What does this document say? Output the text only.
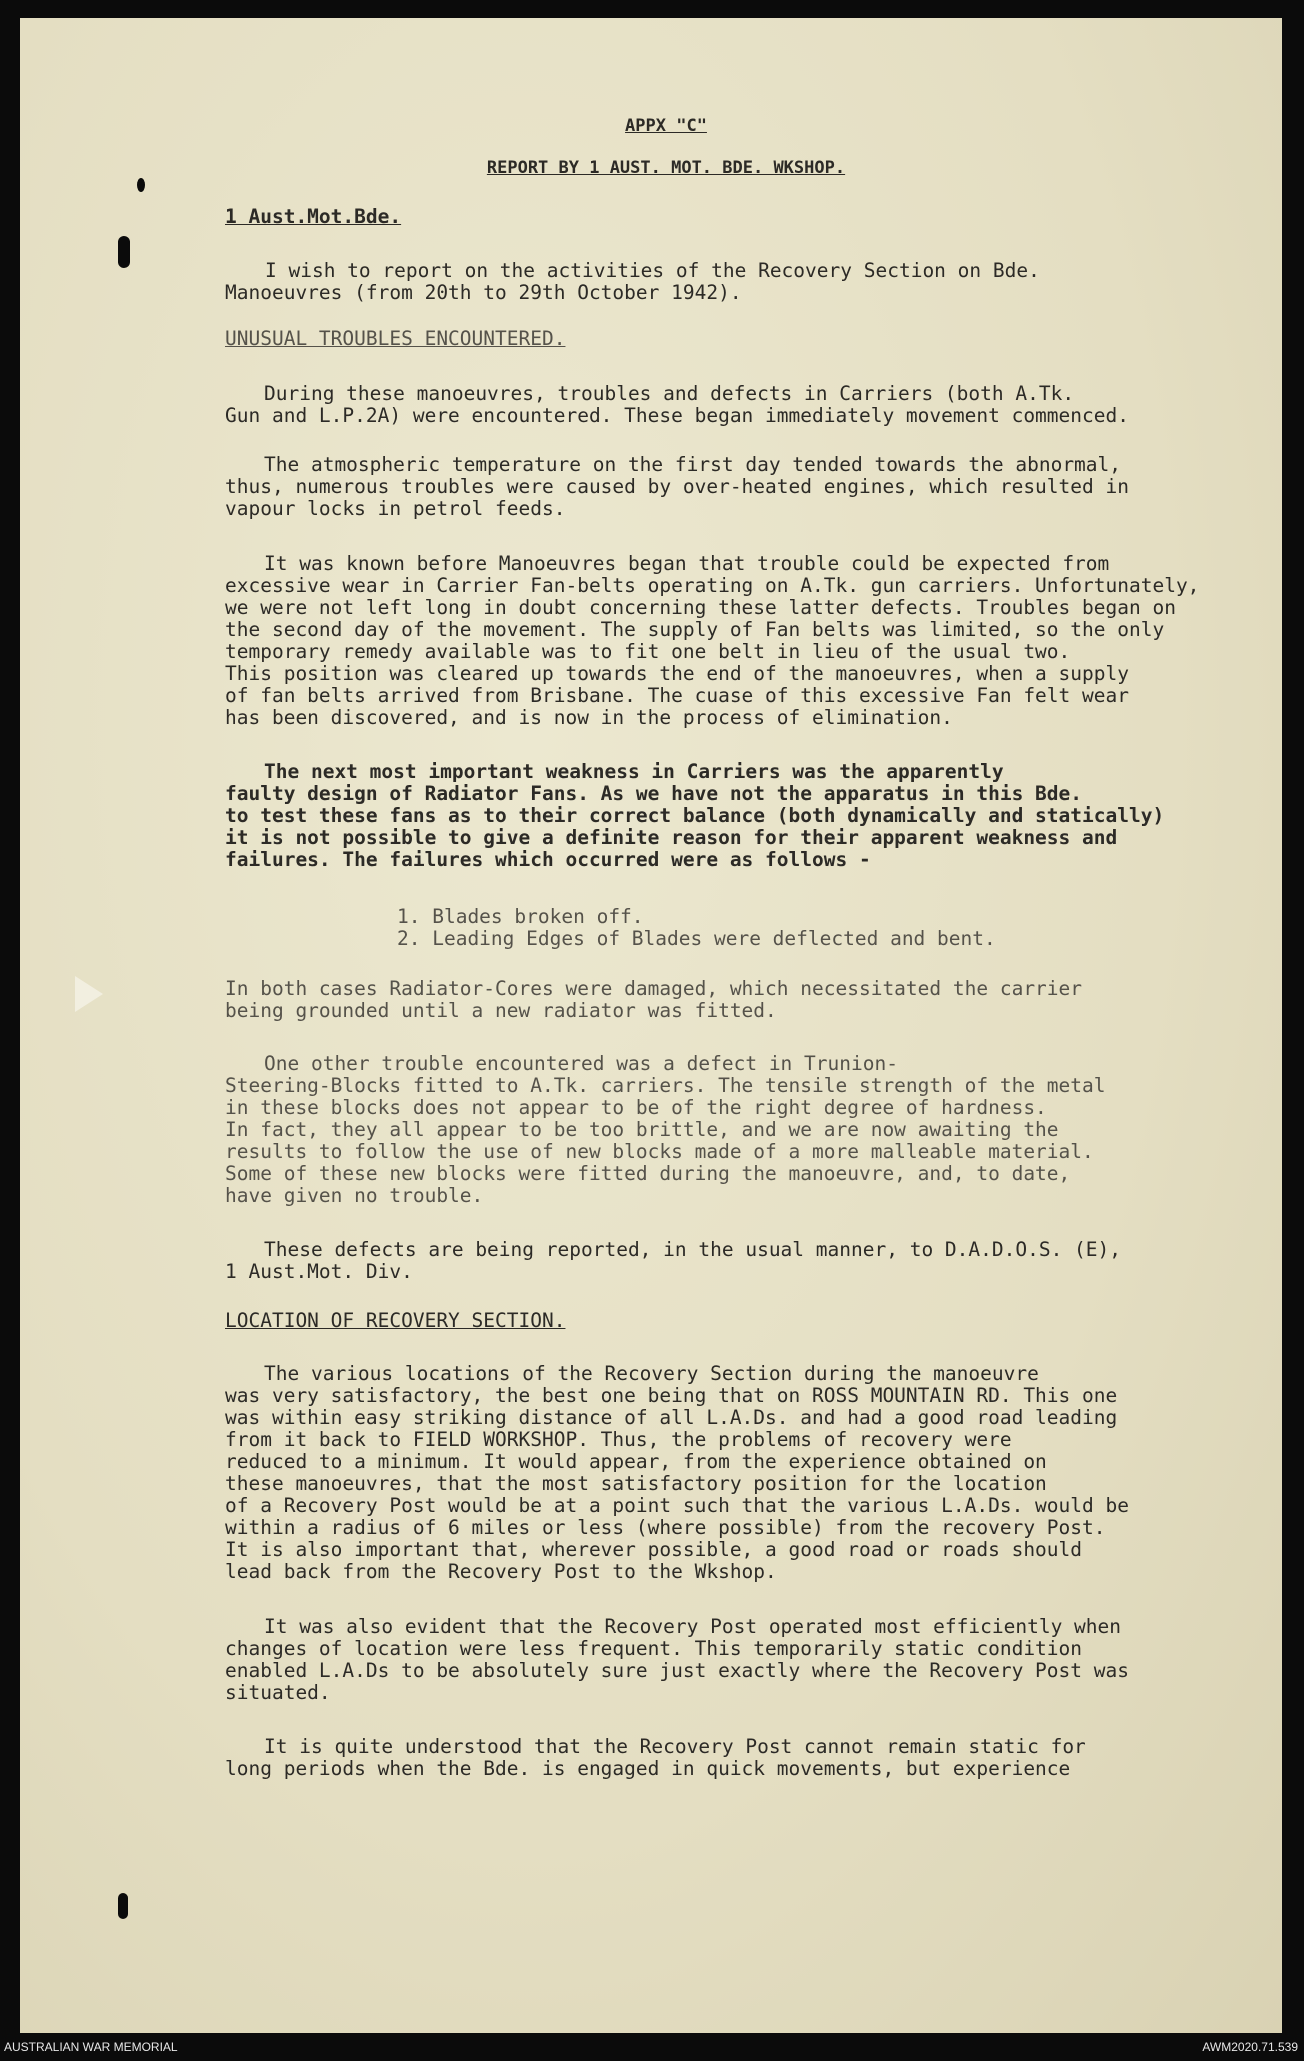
APPX "C"
REPORT BY 1 AUST. MOT. BDE. WKSHOP.
1 Aust.Mot.Bde.
I wish to report on the activities of the Recovery Section on Bde.
Manoeuvres (from 20th to 29th October 1942).
UNUSUAL TROUBLES ENCOUNTERED.
During these manoeuvres, troubles and defects in Carriers (both A.Tk.
Gun and L.P.2A) were encountered. These began immediately movement commenced.
The atmospheric temperature on the first day tended towards the abnormal,
thus, numerous troubles were caused by over-heated engines, which resulted in
vapour locks in petrol feeds.
It was known before Manoeuvres began that trouble could be expected from
excessive wear in Carrier Fan-belts operating on A.Tk. gun carriers. Unfortunately,
we were not left long in doubt concerning these latter defects. Troubles began on
the second day of the movement. The supply of Fan belts was limited, so the only
temporary remedy available was to fit one belt in lieu of the usual two.
This position was cleared up towards the end of the manoeuvres, when a supply
of fan belts arrived from Brisbane. The cuase of this excessive Fan felt wear
has been discovered, and is now in the process of elimination.
The next most important weakness in Carriers was the apparently
faulty design of Radiator Fans. As we have not the apparatus in this Bde.
to test these fans as to their correct balance (both dynamically and statically)
it is not possible to give a definite reason for their apparent weakness and
failures. The failures which occurred were as follows -
1. Blades broken off.
2. Leading Edges of Blades were deflected and bent.
In both cases Radiator-Cores were damaged, which necessitated the carrier
being grounded until a new radiator was fitted.
One other trouble encountered was a defect in Trunion-
Steering-Blocks fitted to A.Tk. carriers. The tensile strength of the metal
in these blocks does not appear to be of the right degree of hardness.
In fact, they all appear to be too brittle, and we are now awaiting the
results to follow the use of new blocks made of a more malleable material.
Some of these new blocks were fitted during the manoeuvre, and, to date,
have given no trouble.
These defects are being reported, in the usual manner, to D.A.D.O.S. (E),
1 Aust.Mot. Div.
LOCATION OF RECOVERY SECTION.
The various locations of the Recovery Section during the manoeuvre
was very satisfactory, the best one being that on ROSS MOUNTAIN RD. This one
was within easy striking distance of all L.A.Ds. and had a good road leading
from it back to FIELD WORKSHOP. Thus, the problems of recovery were
reduced to a minimum. It would appear, from the experience obtained on
these manoeuvres, that the most satisfactory position for the location
of a Recovery Post would be at a point such that the various L.A.Ds. would be
within a radius of 6 miles or less (where possible) from the recovery Post.
It is also important that, wherever possible, a good road or roads should
lead back from the Recovery Post to the Wkshop.
It was also evident that the Recovery Post operated most efficiently when
changes of location were less frequent. This temporarily static condition
enabled L.A.Ds to be absolutely sure just exactly where the Recovery Post was
situated.
It is quite understood that the Recovery Post cannot remain static for
long periods when the Bde. is engaged in quick movements, but experience
AUSTRALIAN WAR MEMORIAL	AWM2020.71.539
